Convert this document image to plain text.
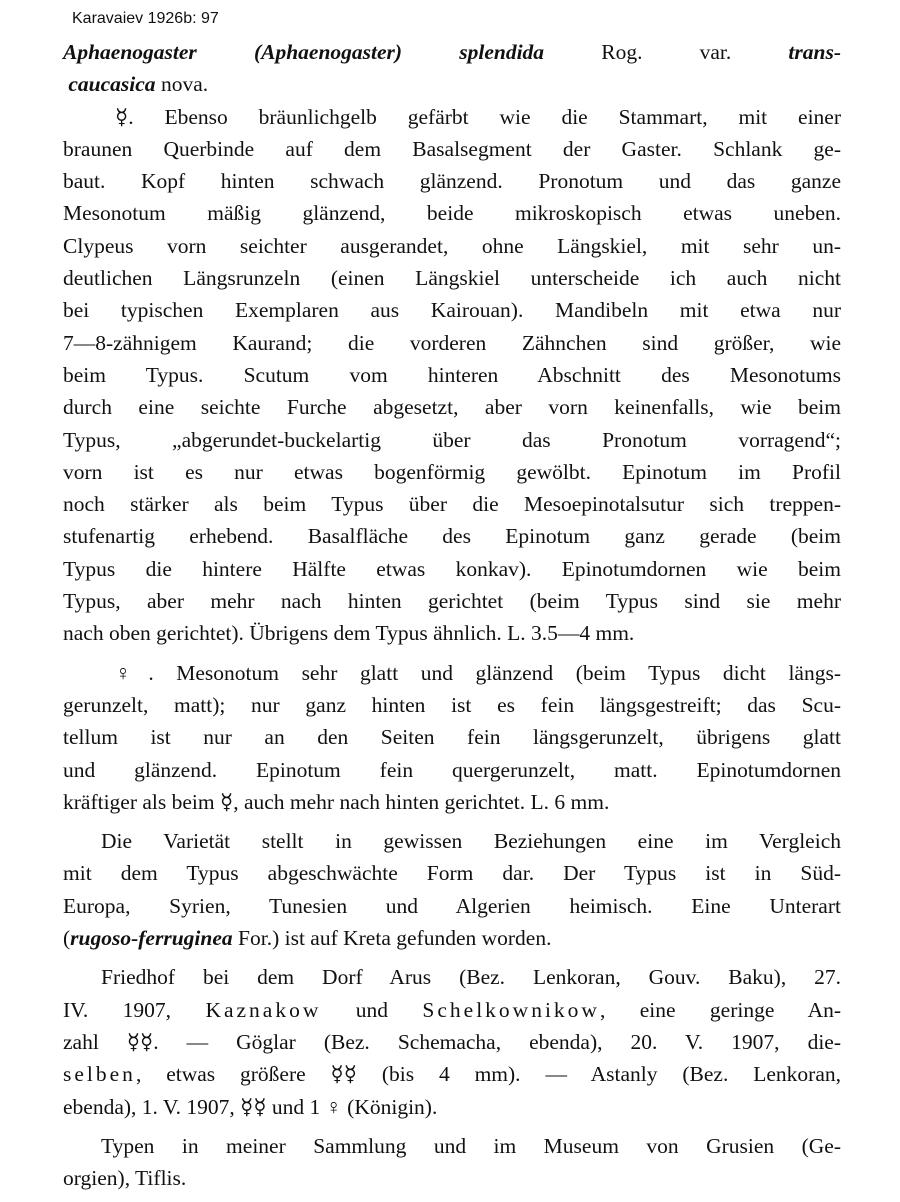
Karavaiev 1926b: 97
Aphaenogaster (Aphaenogaster) splendida Rog. var. trans-
caucasica nova.
☿. Ebenso bräunlichgelb gefärbt wie die Stammart, mit einer
braunen Querbinde auf dem Basalsegment der Gaster. Schlank ge-
baut. Kopf hinten schwach glänzend. Pronotum und das ganze
Mesonotum mäßig glänzend, beide mikroskopisch etwas uneben.
Clypeus vorn seichter ausgerandet, ohne Längskiel, mit sehr un-
deutlichen Längsrunzeln (einen Längskiel unterscheide ich auch nicht
bei typischen Exemplaren aus Kairouan). Mandibeln mit etwa nur
7—8-zähnigem Kaurand; die vorderen Zähnchen sind größer, wie
beim Typus. Scutum vom hinteren Abschnitt des Mesonotums
durch eine seichte Furche abgesetzt, aber vorn keinenfalls, wie beim
Typus, „abgerundet-buckelartig über das Pronotum vorragend“;
vorn ist es nur etwas bogenförmig gewölbt. Epinotum im Profil
noch stärker als beim Typus über die Mesoepinotalsutur sich treppen-
stufenartig erhebend. Basalfläche des Epinotum ganz gerade (beim
Typus die hintere Hälfte etwas konkav). Epinotumdornen wie beim
Typus, aber mehr nach hinten gerichtet (beim Typus sind sie mehr
nach oben gerichtet). Übrigens dem Typus ähnlich. L. 3.5—4 mm.
♀. Mesonotum sehr glatt und glänzend (beim Typus dicht längs-
gerunzelt, matt); nur ganz hinten ist es fein längsgestreift; das Scu-
tellum ist nur an den Seiten fein längsgerunzelt, übrigens glatt
und glänzend. Epinotum fein quergerunzelt, matt. Epinotumdornen
kräftiger als beim ☿, auch mehr nach hinten gerichtet. L. 6 mm.
Die Varietät stellt in gewissen Beziehungen eine im Vergleich
mit dem Typus abgeschwächte Form dar. Der Typus ist in Süd-
Europa, Syrien, Tunesien und Algerien heimisch. Eine Unterart
(rugoso-ferruginea For.) ist auf Kreta gefunden worden.
Friedhof bei dem Dorf Arus (Bez. Lenkoran, Gouv. Baku), 27.
IV. 1907, Kaznakow und Schelkownikow, eine geringe An-
zahl ☿☿. — Göglar (Bez. Schemacha, ebenda), 20. V. 1907, die-
selben, etwas größere ☿☿ (bis 4 mm). — Astanly (Bez. Lenkoran,
ebenda), 1. V. 1907, ☿☿ und 1 ♀ (Königin).
Typen in meiner Sammlung und im Museum von Grusien (Ge-
orgien), Tiflis.
